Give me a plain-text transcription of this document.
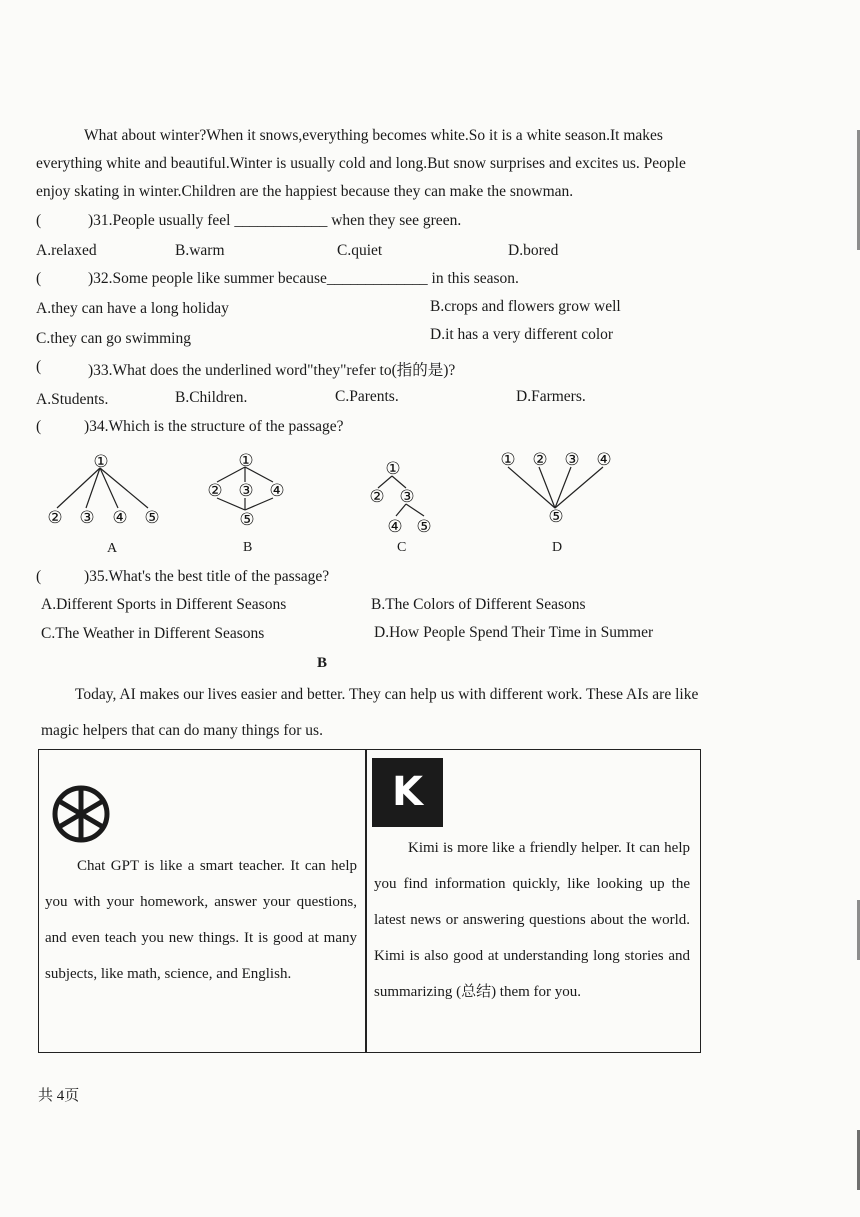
What about winter?When it snows,everything becomes white.So it is a white season.It makes
everything white and beautiful.Winter is usually cold and long.But snow surprises and excites us. People
enjoy skating in winter.Children are the happiest because they can make the snowman.
(	)31.People usually feel ____________ when they see green.
A.relaxed	B.warm	C.quiet	D.bored
(	)32.Some people like summer because_____________ in this season.
A.they can have a long holiday	B.crops and flowers grow well
C.they can go swimming	D.it has a very different color
(	)33.What does the underlined word"they"refer to(指的是)?
A.Students.	B.Children.	C.Parents.	D.Farmers.
(	)34.Which is the structure of the passage?
①
② ③ ④ ⑤
①
② ③ ④
⑤
①
② ③
④ ⑤
① ② ③ ④
⑤
A	B	C	D
(	)35.What's the best title of the passage?
A.Different Sports in Different Seasons	B.The Colors of Different Seasons
C.The Weather in Different Seasons	D.How People Spend Their Time in Summer
B
Today, AI makes our lives easier and better. They can help us with different work. These AIs are like
magic helpers that can do many things for us.
Chat GPT is like a smart teacher. It can help you with your homework, answer your questions, and even teach you new things. It is good at many subjects, like math, science, and English.
K
Kimi is more like a friendly helper. It can help you find information quickly, like looking up the latest news or answering questions about the world. Kimi is also good at understanding long stories and summarizing (总结) them for you.
共 4页
